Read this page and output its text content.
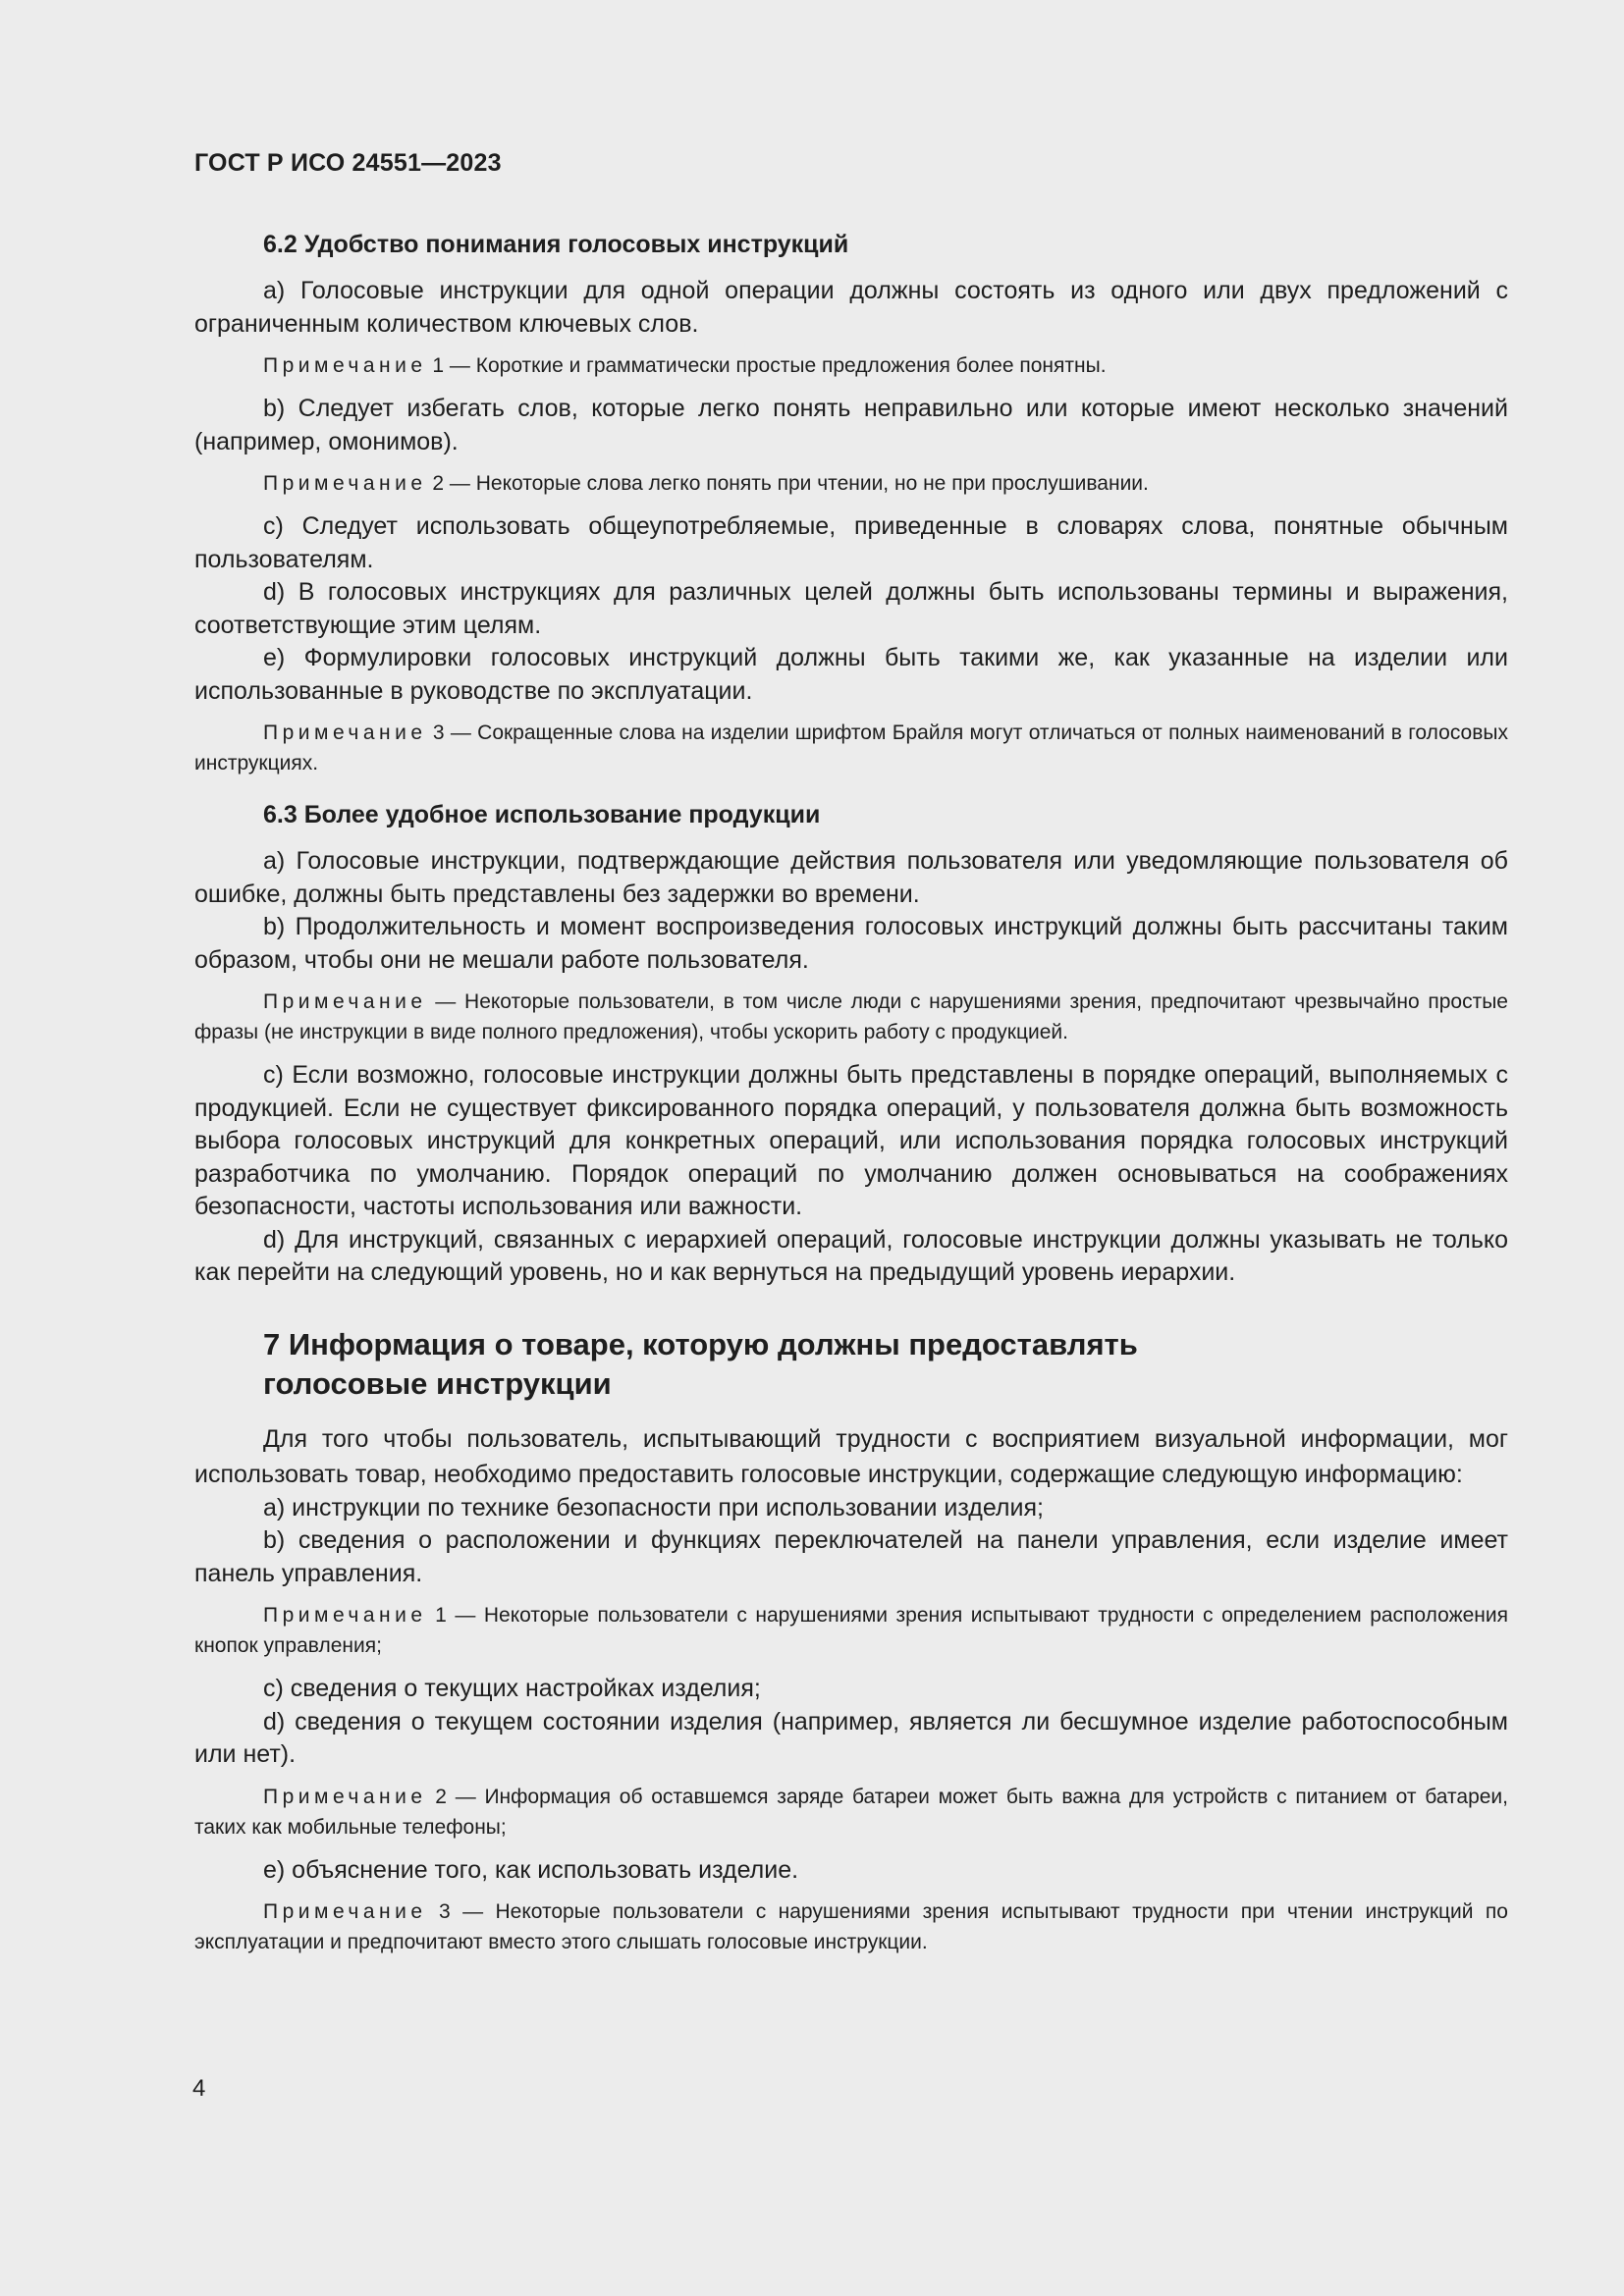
ГОСТ Р ИСО 24551—2023
6.2 Удобство понимания голосовых инструкций

a) Голосовые инструкции для одной операции должны состоять из одного или двух предложений с ограниченным количеством ключевых слов.

Примечание 1 — Короткие и грамматически простые предложения более понятны.

b) Следует избегать слов, которые легко понять неправильно или которые имеют несколько значений (например, омонимов).

Примечание 2 — Некоторые слова легко понять при чтении, но не при прослушивании.

c) Следует использовать общеупотребляемые, приведенные в словарях слова, понятные обычным пользователям.

d) В голосовых инструкциях для различных целей должны быть использованы термины и выражения, соответствующие этим целям.

e) Формулировки голосовых инструкций должны быть такими же, как указанные на изделии или использованные в руководстве по эксплуатации.

Примечание 3 — Сокращенные слова на изделии шрифтом Брайля могут отличаться от полных наименований в голосовых инструкциях.

6.3 Более удобное использование продукции

a) Голосовые инструкции, подтверждающие действия пользователя или уведомляющие пользователя об ошибке, должны быть представлены без задержки во времени.

b) Продолжительность и момент воспроизведения голосовых инструкций должны быть рассчитаны таким образом, чтобы они не мешали работе пользователя.

Примечание — Некоторые пользователи, в том числе люди с нарушениями зрения, предпочитают чрезвычайно простые фразы (не инструкции в виде полного предложения), чтобы ускорить работу с продукцией.

c) Если возможно, голосовые инструкции должны быть представлены в порядке операций, выполняемых с продукцией. Если не существует фиксированного порядка операций, у пользователя должна быть возможность выбора голосовых инструкций для конкретных операций, или использования порядка голосовых инструкций разработчика по умолчанию. Порядок операций по умолчанию должен основываться на соображениях безопасности, частоты использования или важности.

d) Для инструкций, связанных с иерархией операций, голосовые инструкции должны указывать не только как перейти на следующий уровень, но и как вернуться на предыдущий уровень иерархии.

7 Информация о товаре, которую должны предоставлять
голосовые инструкции

Для того чтобы пользователь, испытывающий трудности с восприятием визуальной информации, мог использовать товар, необходимо предоставить голосовые инструкции, содержащие следующую информацию:

a) инструкции по технике безопасности при использовании изделия;

b) сведения о расположении и функциях переключателей на панели управления, если изделие имеет панель управления.

Примечание 1 — Некоторые пользователи с нарушениями зрения испытывают трудности с определением расположения кнопок управления;

c) сведения о текущих настройках изделия;

d) сведения о текущем состоянии изделия (например, является ли бесшумное изделие работоспособным или нет).

Примечание 2 — Информация об оставшемся заряде батареи может быть важна для устройств с питанием от батареи, таких как мобильные телефоны;

e) объяснение того, как использовать изделие.

Примечание 3 — Некоторые пользователи с нарушениями зрения испытывают трудности при чтении инструкций по эксплуатации и предпочитают вместо этого слышать голосовые инструкции.

4
